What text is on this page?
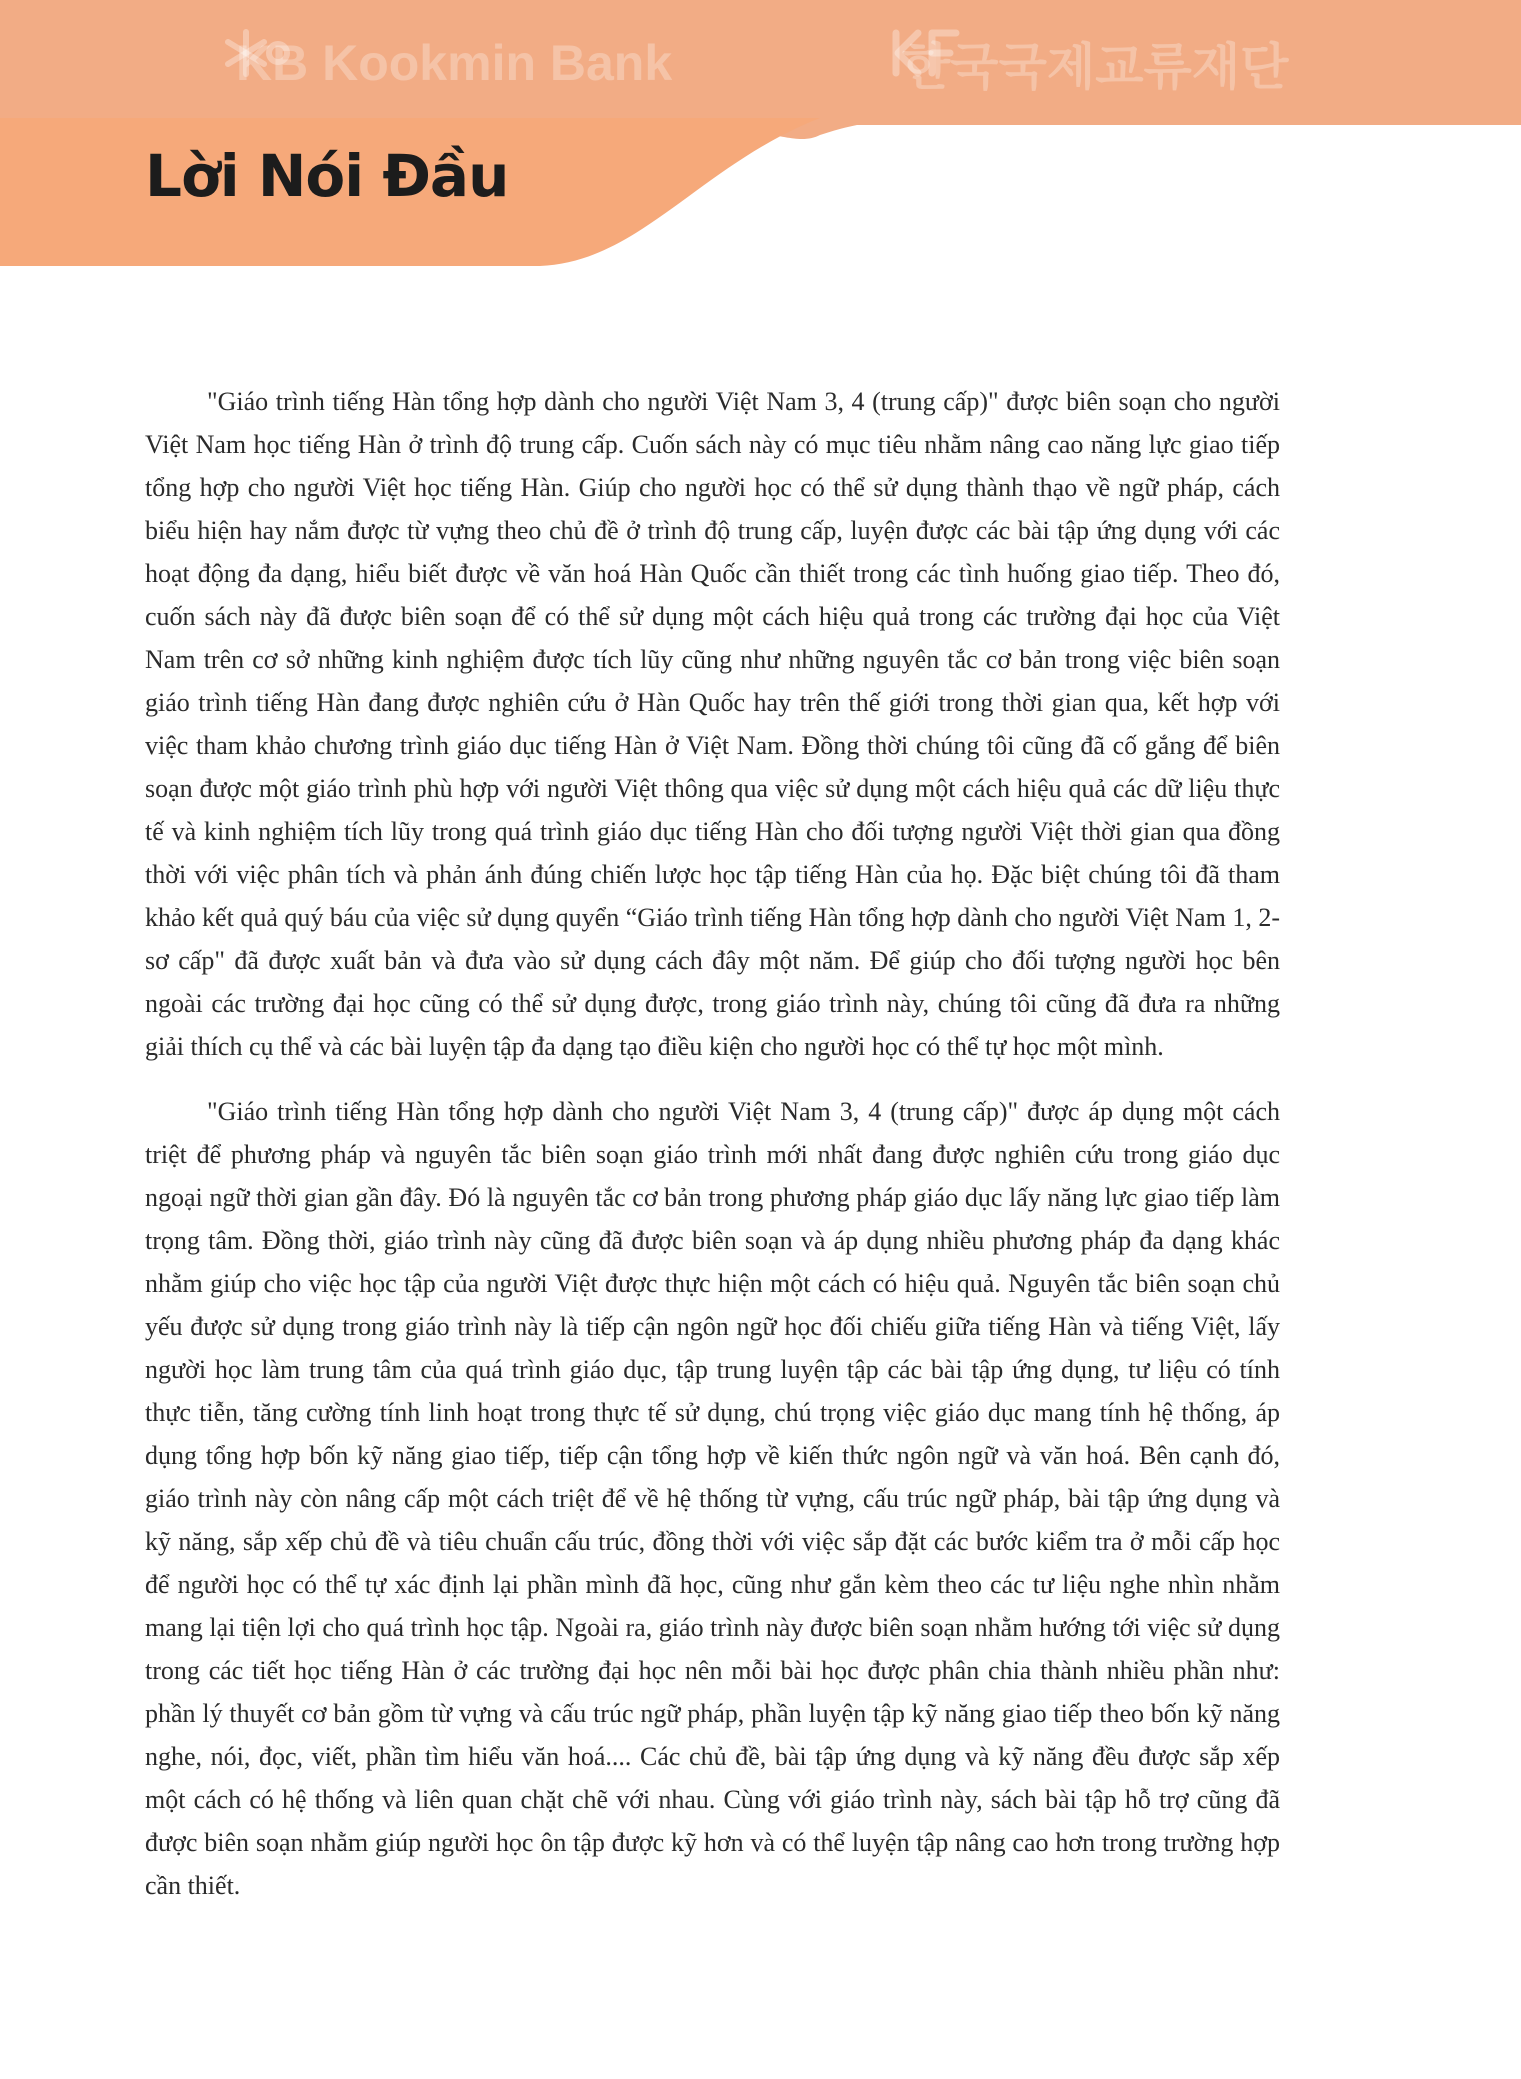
KB Kookmin Bank	한국국제교류재단
Lời Nói Đầu

"Giáo trình tiếng Hàn tổng hợp dành cho người Việt Nam 3, 4 (trung cấp)" được biên soạn cho người Việt Nam học tiếng Hàn ở trình độ trung cấp. Cuốn sách này có mục tiêu nhằm nâng cao năng lực giao tiếp tổng hợp cho người Việt học tiếng Hàn. Giúp cho người học có thể sử dụng thành thạo về ngữ pháp, cách biểu hiện hay nắm được từ vựng theo chủ đề ở trình độ trung cấp, luyện được các bài tập ứng dụng với các hoạt động đa dạng, hiểu biết được về văn hoá Hàn Quốc cần thiết trong các tình huống giao tiếp. Theo đó, cuốn sách này đã được biên soạn để có thể sử dụng một cách hiệu quả trong các trường đại học của Việt Nam trên cơ sở những kinh nghiệm được tích lũy cũng như những nguyên tắc cơ bản trong việc biên soạn giáo trình tiếng Hàn đang được nghiên cứu ở Hàn Quốc hay trên thế giới trong thời gian qua, kết hợp với việc tham khảo chương trình giáo dục tiếng Hàn ở Việt Nam. Đồng thời chúng tôi cũng đã cố gắng để biên soạn được một giáo trình phù hợp với người Việt thông qua việc sử dụng một cách hiệu quả các dữ liệu thực tế và kinh nghiệm tích lũy trong quá trình giáo dục tiếng Hàn cho đối tượng người Việt thời gian qua đồng thời với việc phân tích và phản ánh đúng chiến lược học tập tiếng Hàn của họ. Đặc biệt chúng tôi đã tham khảo kết quả quý báu của việc sử dụng quyển “Giáo trình tiếng Hàn tổng hợp dành cho người Việt Nam 1, 2- sơ cấp" đã được xuất bản và đưa vào sử dụng cách đây một năm. Để giúp cho đối tượng người học bên ngoài các trường đại học cũng có thể sử dụng được, trong giáo trình này, chúng tôi cũng đã đưa ra những giải thích cụ thể và các bài luyện tập đa dạng tạo điều kiện cho người học có thể tự học một mình.

"Giáo trình tiếng Hàn tổng hợp dành cho người Việt Nam 3, 4 (trung cấp)" được áp dụng một cách triệt để phương pháp và nguyên tắc biên soạn giáo trình mới nhất đang được nghiên cứu trong giáo dục ngoại ngữ thời gian gần đây. Đó là nguyên tắc cơ bản trong phương pháp giáo dục lấy năng lực giao tiếp làm trọng tâm. Đồng thời, giáo trình này cũng đã được biên soạn và áp dụng nhiều phương pháp đa dạng khác nhằm giúp cho việc học tập của người Việt được thực hiện một cách có hiệu quả. Nguyên tắc biên soạn chủ yếu được sử dụng trong giáo trình này là tiếp cận ngôn ngữ học đối chiếu giữa tiếng Hàn và tiếng Việt, lấy người học làm trung tâm của quá trình giáo dục, tập trung luyện tập các bài tập ứng dụng, tư liệu có tính thực tiễn, tăng cường tính linh hoạt trong thực tế sử dụng, chú trọng việc giáo dục mang tính hệ thống, áp dụng tổng hợp bốn kỹ năng giao tiếp, tiếp cận tổng hợp về kiến thức ngôn ngữ và văn hoá. Bên cạnh đó, giáo trình này còn nâng cấp một cách triệt để về hệ thống từ vựng, cấu trúc ngữ pháp, bài tập ứng dụng và kỹ năng, sắp xếp chủ đề và tiêu chuẩn cấu trúc, đồng thời với việc sắp đặt các bước kiểm tra ở mỗi cấp học để người học có thể tự xác định lại phần mình đã học, cũng như gắn kèm theo các tư liệu nghe nhìn nhằm mang lại tiện lợi cho quá trình học tập. Ngoài ra, giáo trình này được biên soạn nhằm hướng tới việc sử dụng trong các tiết học tiếng Hàn ở các trường đại học nên mỗi bài học được phân chia thành nhiều phần như: phần lý thuyết cơ bản gồm từ vựng và cấu trúc ngữ pháp, phần luyện tập kỹ năng giao tiếp theo bốn kỹ năng nghe, nói, đọc, viết, phần tìm hiểu văn hoá.... Các chủ đề, bài tập ứng dụng và kỹ năng đều được sắp xếp một cách có hệ thống và liên quan chặt chẽ với nhau. Cùng với giáo trình này, sách bài tập hỗ trợ cũng đã được biên soạn nhằm giúp người học ôn tập được kỹ hơn và có thể luyện tập nâng cao hơn trong trường hợp cần thiết.
